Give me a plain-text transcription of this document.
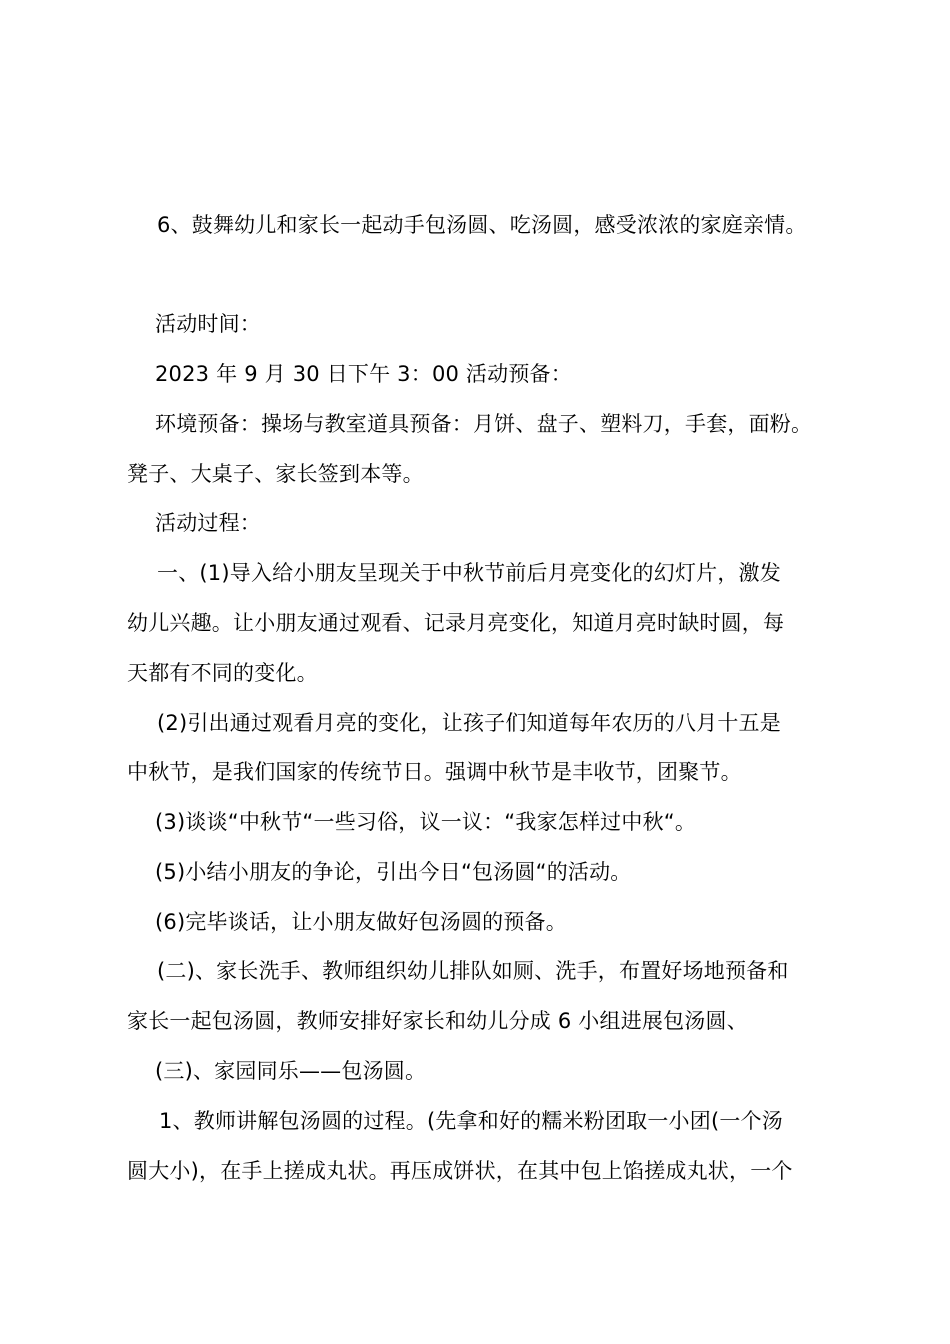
6、鼓舞幼儿和家长一起动手包汤圆、吃汤圆，感受浓浓的家庭亲情。

活动时间：

2023 年 9 月 30 日下午 3：00 活动预备：

环境预备：操场与教室道具预备：月饼、盘子、塑料刀，手套，面粉。

凳子、大桌子、家长签到本等。

活动过程：

一、(1)导入给小朋友呈现关于中秋节前后月亮变化的幻灯片，激发

幼儿兴趣。让小朋友通过观看、记录月亮变化，知道月亮时缺时圆，每

天都有不同的变化。

(2)引出通过观看月亮的变化，让孩子们知道每年农历的八月十五是

中秋节，是我们国家的传统节日。强调中秋节是丰收节，团聚节。

(3)谈谈“中秋节“一些习俗，议一议：“我家怎样过中秋“。

(5)小结小朋友的争论，引出今日“包汤圆“的活动。

(6)完毕谈话，让小朋友做好包汤圆的预备。

(二)、家长洗手、教师组织幼儿排队如厕、洗手，布置好场地预备和

家长一起包汤圆，教师安排好家长和幼儿分成 6 小组进展包汤圆、

(三)、家园同乐——包汤圆。

1、教师讲解包汤圆的过程。(先拿和好的糯米粉团取一小团(一个汤

圆大小)，在手上搓成丸状。再压成饼状，在其中包上馅搓成丸状，一个
